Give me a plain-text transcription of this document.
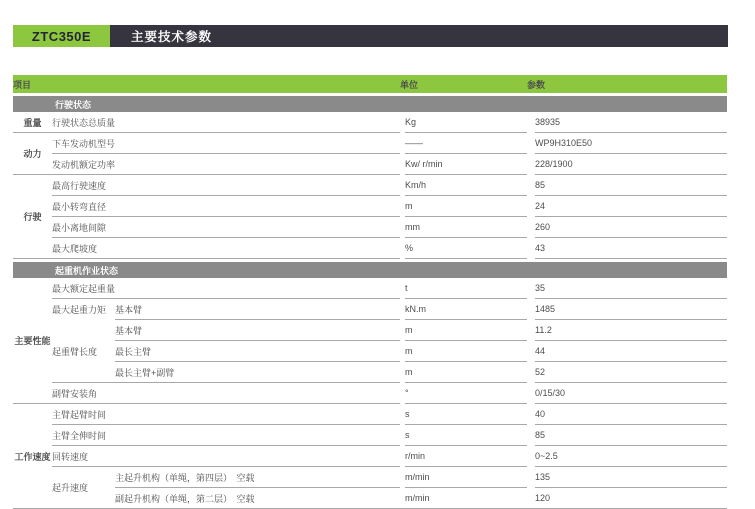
ZTC350E	主要技术参数
项目			单位		参数	

行驶状态						
重量	行驶状态总质量			Kg		38935
动力	下车发动机型号			——		WP9H310E50
	发动机额定功率			Kw/ r/min		228/1900
行驶	最高行驶速度			Km/h		85
	最小转弯直径			m		24
	最小离地间隙			mm		260
	最大爬坡度			%		43

起重机作业状态						
主要性能	最大额定起重量			t		35
	最大起重力矩	基本臂		kN.m		1485
	起重臂长度	基本臂		m		11.2
		最长主臂		m		44
		最长主臂+副臂		m		52
	副臂安装角			°		0/15/30
工作速度	主臂起臂时间			s		40
	主臂全伸时间			s		85
	回转速度			r/min		0~2.5
	起升速度	主起升机构（单绳，第四层）　空载		m/min		135
		副起升机构（单绳，第二层）　空载		m/min		120
